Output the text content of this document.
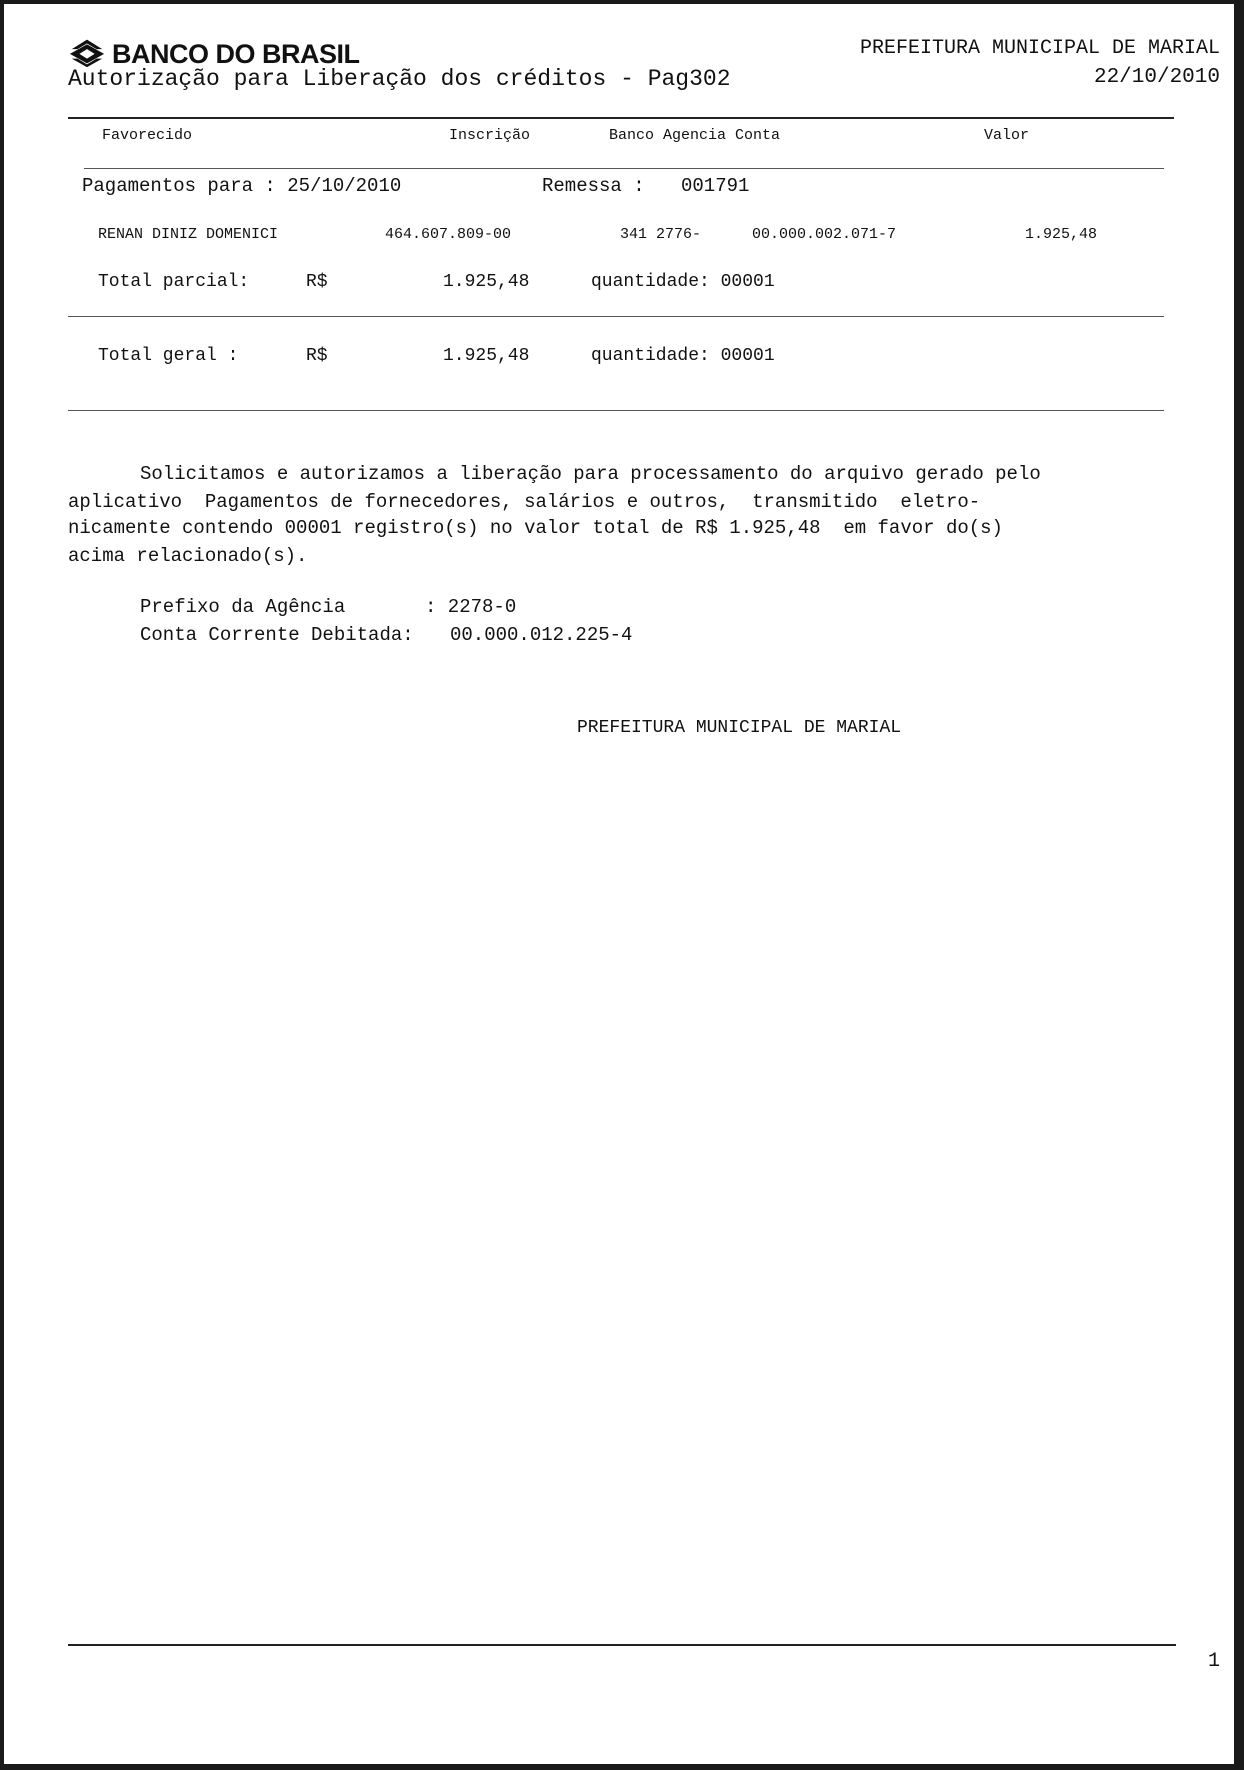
BANCO DO BRASIL
Autorização para Liberação dos créditos - Pag302
PREFEITURA MUNICIPAL DE MARIAL
22/10/2010
Favorecido	Inscrição	Banco Agencia Conta	Valor
Pagamentos para : 25/10/2010	Remessa : 001791
RENAN DINIZ DOMENICI	464.607.809-00	341 2776-	00.000.002.071-7	1.925,48
Total parcial:	R$	1.925,48	quantidade: 00001
Total geral :	R$	1.925,48	quantidade: 00001
Solicitamos e autorizamos a liberação para processamento do arquivo gerado pelo
aplicativo  Pagamentos de fornecedores, salários e outros,  transmitido  eletro-
nicamente contendo 00001 registro(s) no valor total de R$ 1.925,48  em favor do(s)
acima relacionado(s).
Prefixo da Agência	: 2278-0
Conta Corrente Debitada: 00.000.012.225-4
PREFEITURA MUNICIPAL DE MARIAL
1
